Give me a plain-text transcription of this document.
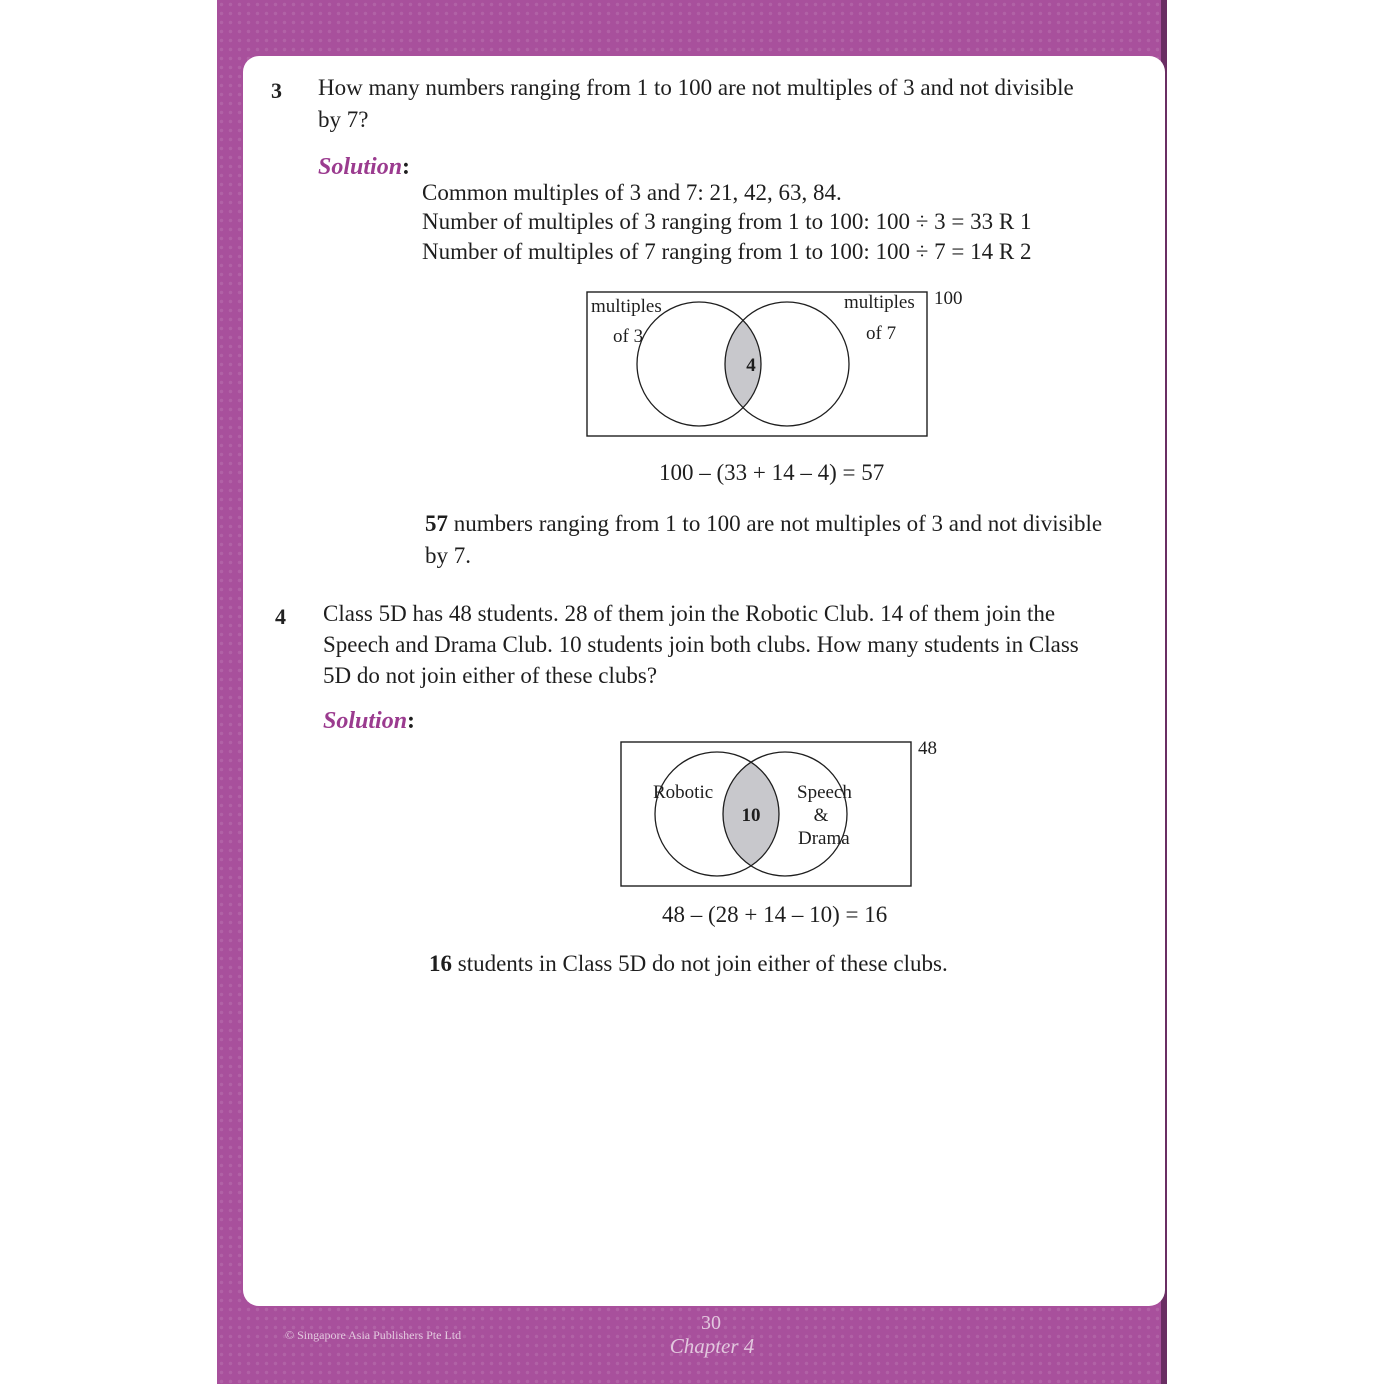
3 How many numbers ranging from 1 to 100 are not multiples of 3 and not divisible
by 7?
Solution:
Common multiples of 3 and 7: 21, 42, 63, 84.
Number of multiples of 3 ranging from 1 to 100: 100 ÷ 3 = 33 R 1
Number of multiples of 7 ranging from 1 to 100: 100 ÷ 7 = 14 R 2
multiples
of 3
multiples
of 7
4
100
100 – (33 + 14 – 4) = 57
57 numbers ranging from 1 to 100 are not multiples of 3 and not divisible
by 7.
4 Class 5D has 48 students. 28 of them join the Robotic Club. 14 of them join the
Speech and Drama Club. 10 students join both clubs. How many students in Class
5D do not join either of these clubs?
Solution:
Robotic	Speech
&
Drama
10
48
48 – (28 + 14 – 10) = 16
16 students in Class 5D do not join either of these clubs.
© Singapore Asia Publishers Pte Ltd
30
Chapter 4
